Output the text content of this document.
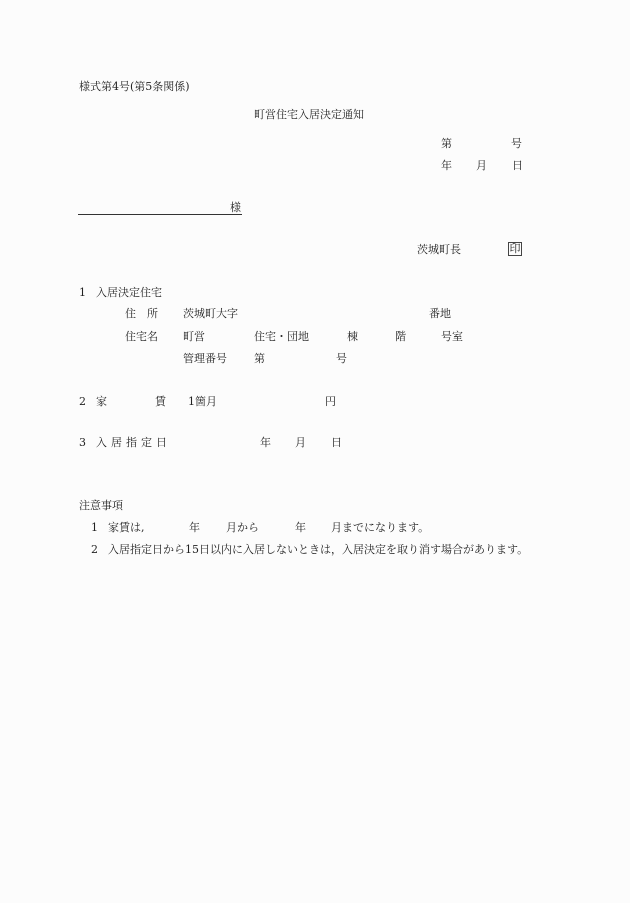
様式第4号(第5条関係)
町営住宅入居決定通知
第	号
年 月 日
様
茨城町長	印
1 入居決定住宅
住　所 茨城町大字	番地
住宅名 町営	住宅・団地	棟	階	号室
管理番号 第	号
2 家	賃 1箇月	円
3 入居指定日	年 月 日
注意事項
1 家賃は,	年 月から	年 月までになります。
2 入居指定日から15日以内に入居しないときは，入居決定を取り消す場合があります。
